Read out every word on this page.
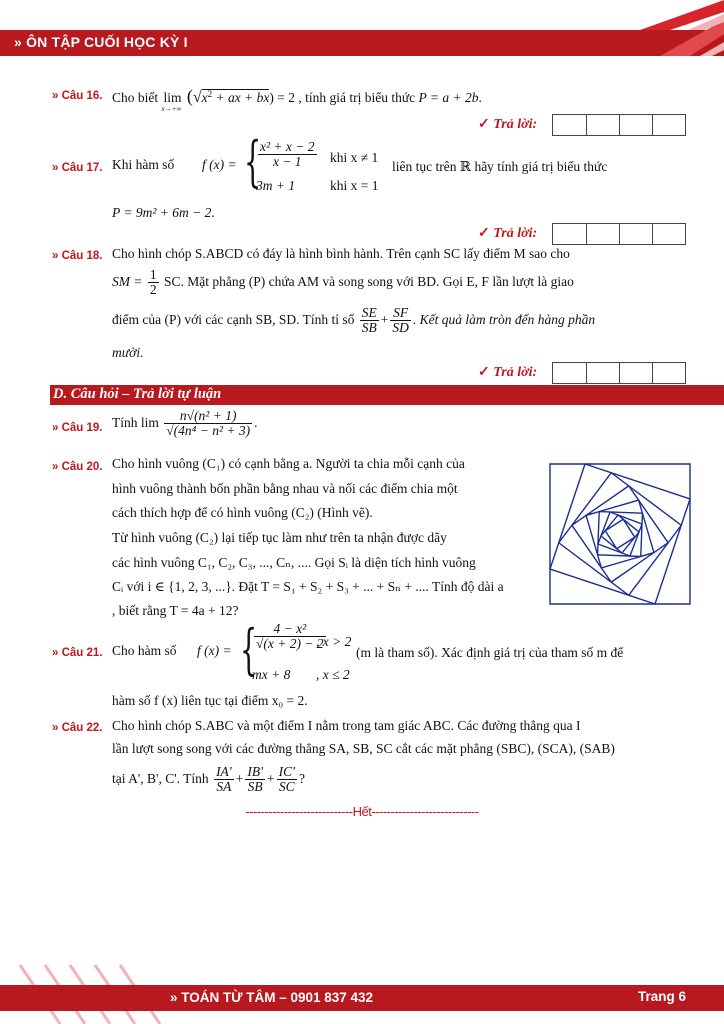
» ÔN TẬP CUỐI HỌC KỲ I
» Câu 16. Cho biết lim
x→+∞
($√x^2$ + ax + bx) = 2 , tính giá trị biểu thức P = a + 2b.
✓ Trả lời:
» Câu 17. Khi hàm số f (x) = {
$\frac{\text{x² + x − 2}}{x - 1}$ khi x ≠ 1
3m + 1	khi x = 1
liên tục trên ℝ hãy tính giá trị biểu thức
P = 9m² + 6m − 2.
✓ Trả lời:
» Câu 18. Cho hình chóp S.ABCD có đáy là hình bình hành. Trên cạnh SC lấy điểm M sao cho
SM = $\frac{1}{2}$ SC. Mặt phẳng (P) chứa AM và song song với BD. Gọi E, F lần lượt là giao
điểm của (P) với các cạnh SB, SD. Tính tỉ số $\frac{SE}{SB} + \frac{SF}{SD}$ . Kết quả làm tròn đến hàng phần
mười.
✓ Trả lời:
D. Câu hỏi – Trả lời tự luận
» Câu 19. Tính $\lim \frac{\text{n√(n² + 1)}}{\text{√(4n⁴ − n² + 3)}}$ .
» Câu 20. Cho hình vuông (C₁) có cạnh bằng a. Người ta chia mỗi cạnh của
hình vuông thành bốn phần bằng nhau và nối các điểm chia một
cách thích hợp để có hình vuông (C₂) (Hình vẽ).
Từ hình vuông (C₂) lại tiếp tục làm như trên ta nhận được dãy
các hình vuông C₁, C₂, C₃, ..., Cₙ, .... Gọi Sᵢ là diện tích hình vuông
Cᵢ với i ∈ {1, 2, 3, ...}. Đặt T = S₁ + S₂ + S₃ + ... + Sₙ + .... Tính độ dài a
, biết rằng T = 4a + 12?
» Câu 21. Cho hàm số f (x) = {
$\frac{\text{4 − x²}}{√(x + 2) - 2}$
, x > 2
mx + 8 , x ≤ 2
(m là tham số). Xác định giá trị của tham số m để
hàm số f (x) liên tục tại điểm x₀ = 2.
» Câu 22. Cho hình chóp S.ABC và một điểm I nằm trong tam giác ABC. Các đường thẳng qua I
lần lượt song song với các đường thẳng SA, SB, SC cắt các mặt phẳng (SBC), (SCA), (SAB)
tại A', B', C'. Tính $\frac{IA'}{SA} + \frac{IB'}{SB} + \frac{IC'}{SC}$ ?
----------------------------Hết----------------------------
» TOÁN TỪ TÂM – 0901 837 432	Trang 6
